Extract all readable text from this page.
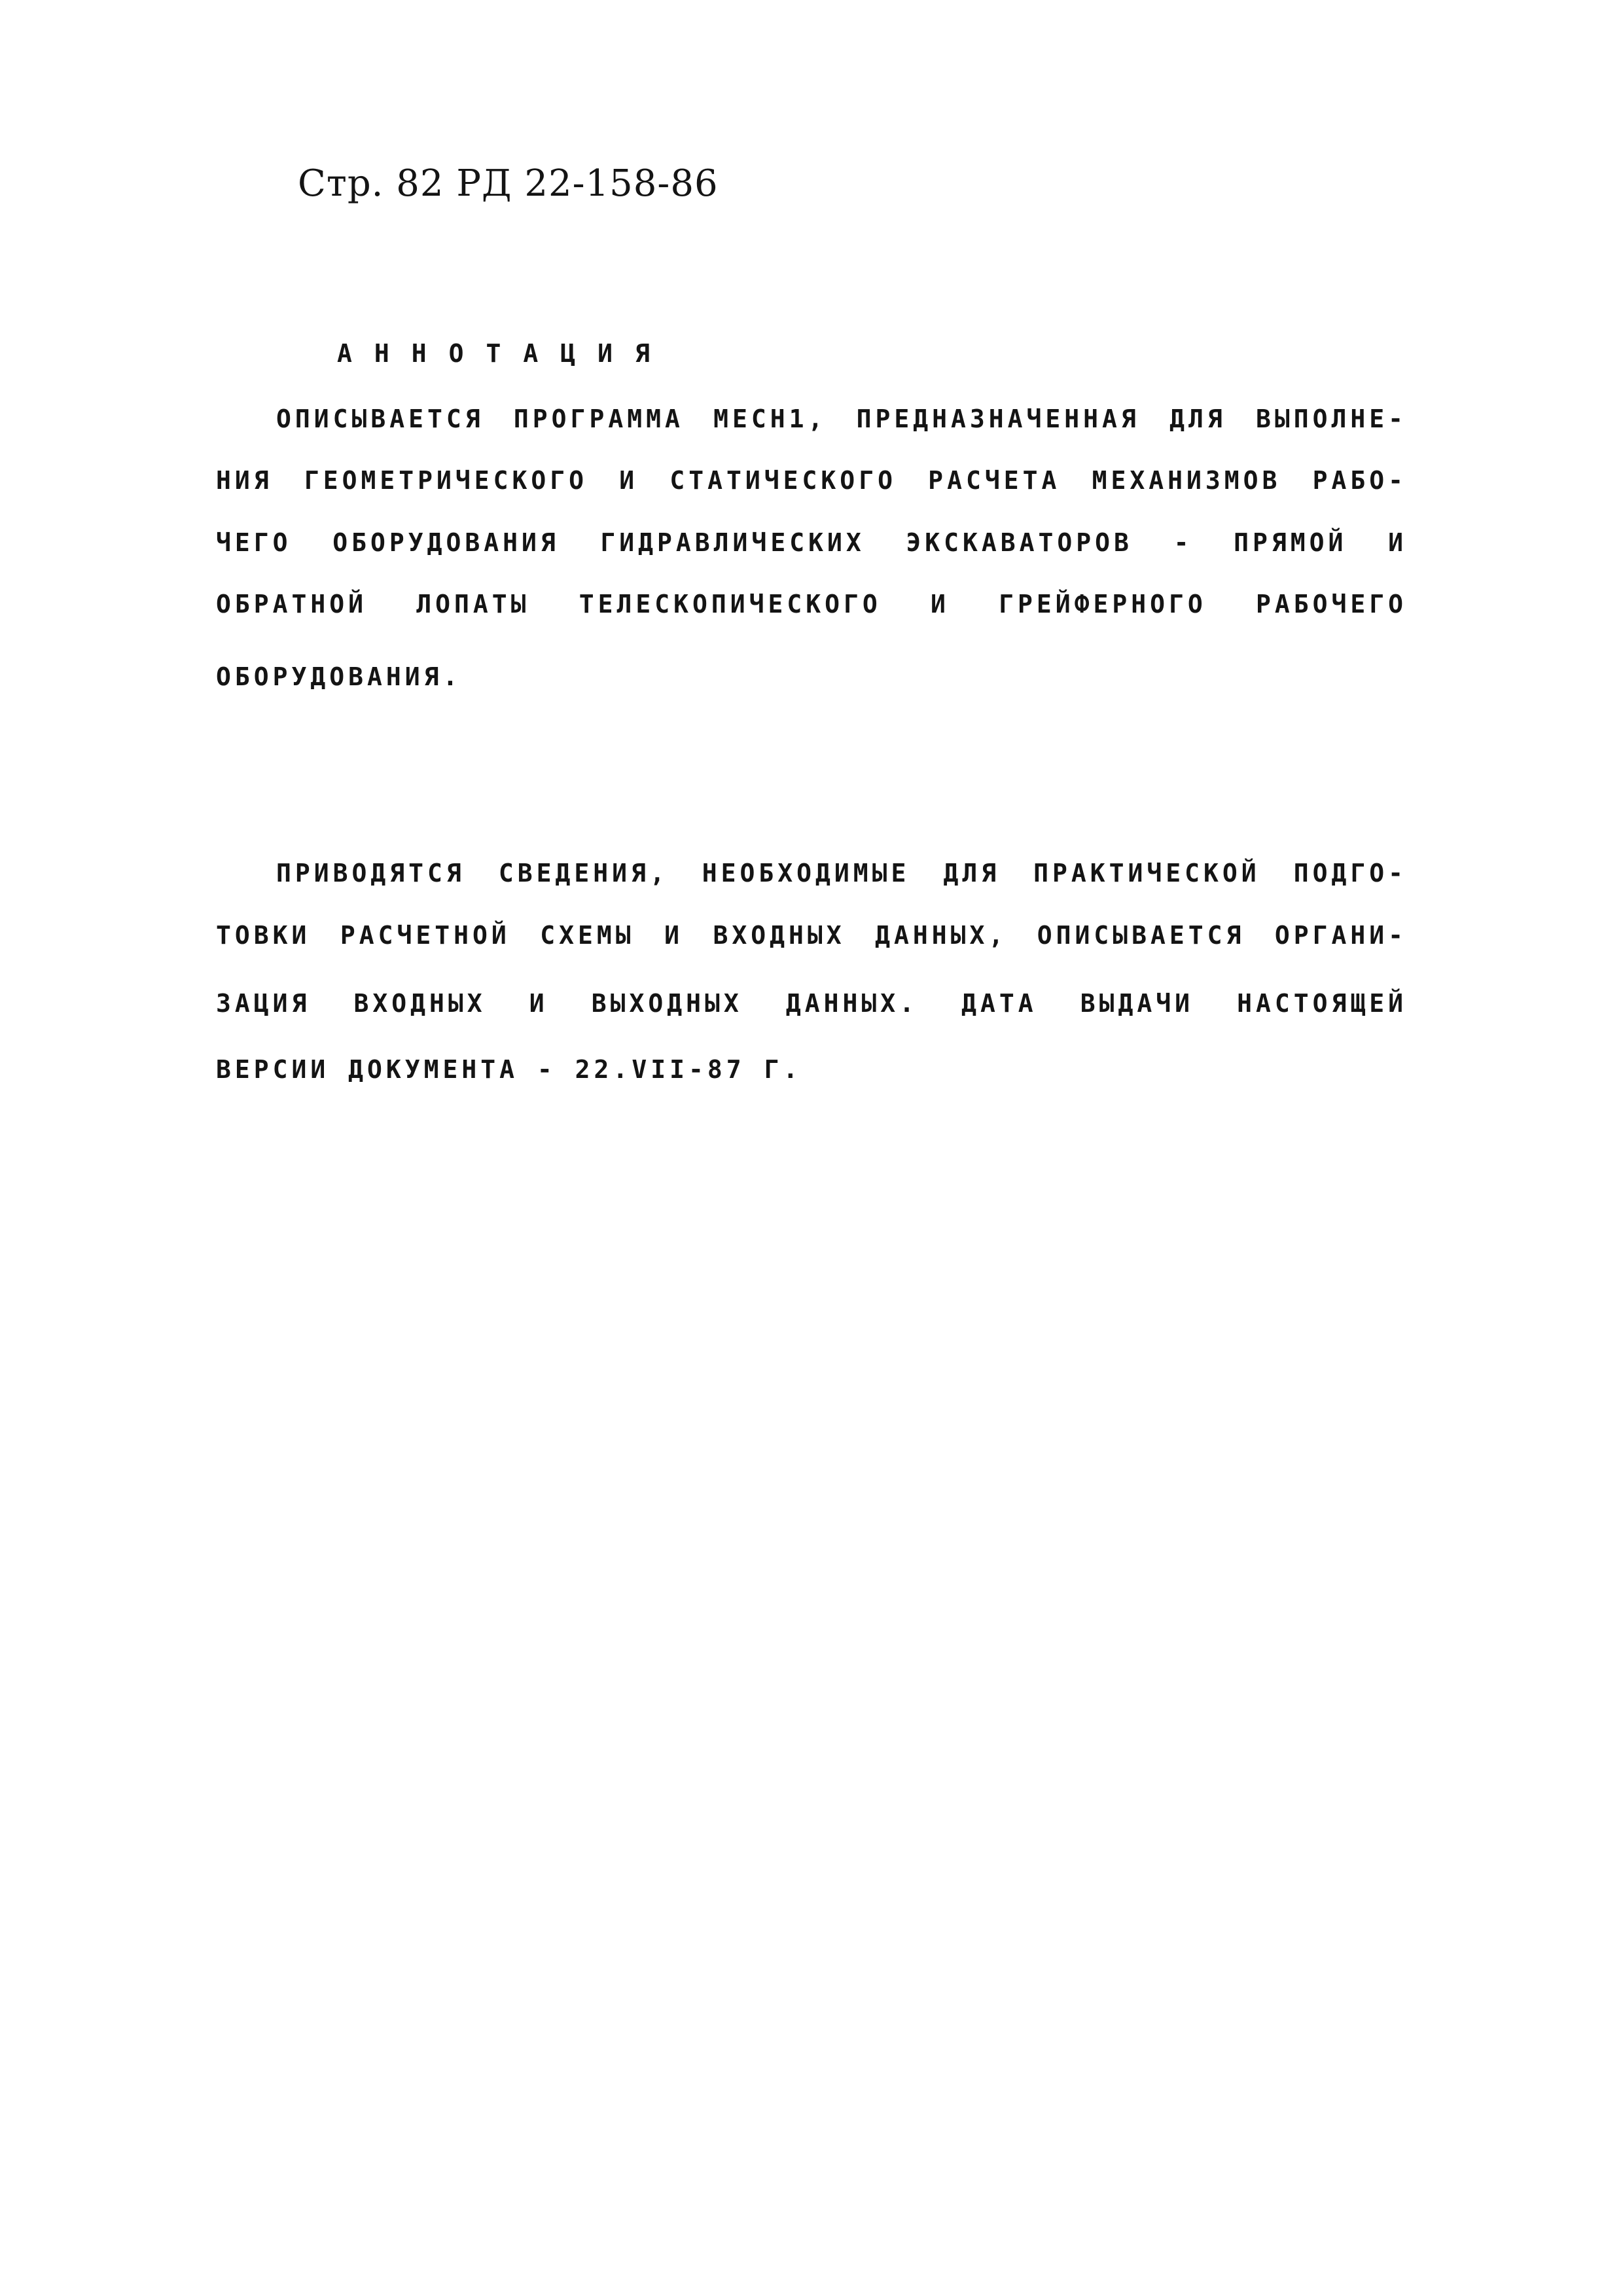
Стр. 82 РД 22-158-86
АННОТАЦИЯ
ОПИСЫВАЕТСЯ ПРОГРАММА MECH1, ПРЕДНАЗНАЧЕННАЯ ДЛЯ ВЫПОЛНЕ-
НИЯ ГЕОМЕТРИЧЕСКОГО И СТАТИЧЕСКОГО РАСЧЕТА МЕХАНИЗМОВ РАБО-
ЧЕГО ОБОРУДОВАНИЯ ГИДРАВЛИЧЕСКИХ ЭКСКАВАТОРОВ - ПРЯМОЙ И
ОБРАТНОЙ ЛОПАТЫ ТЕЛЕСКОПИЧЕСКОГО И ГРЕЙФЕРНОГО РАБОЧЕГО
ОБОРУДОВАНИЯ.
ПРИВОДЯТСЯ СВЕДЕНИЯ, НЕОБХОДИМЫЕ ДЛЯ ПРАКТИЧЕСКОЙ ПОДГО-
ТОВКИ РАСЧЕТНОЙ СХЕМЫ И ВХОДНЫХ ДАННЫХ, ОПИСЫВАЕТСЯ ОРГАНИ-
ЗАЦИЯ ВХОДНЫХ И ВЫХОДНЫХ ДАННЫХ. ДАТА ВЫДАЧИ НАСТОЯЩЕЙ
ВЕРСИИ ДОКУМЕНТА - 22.VII-87 Г.
